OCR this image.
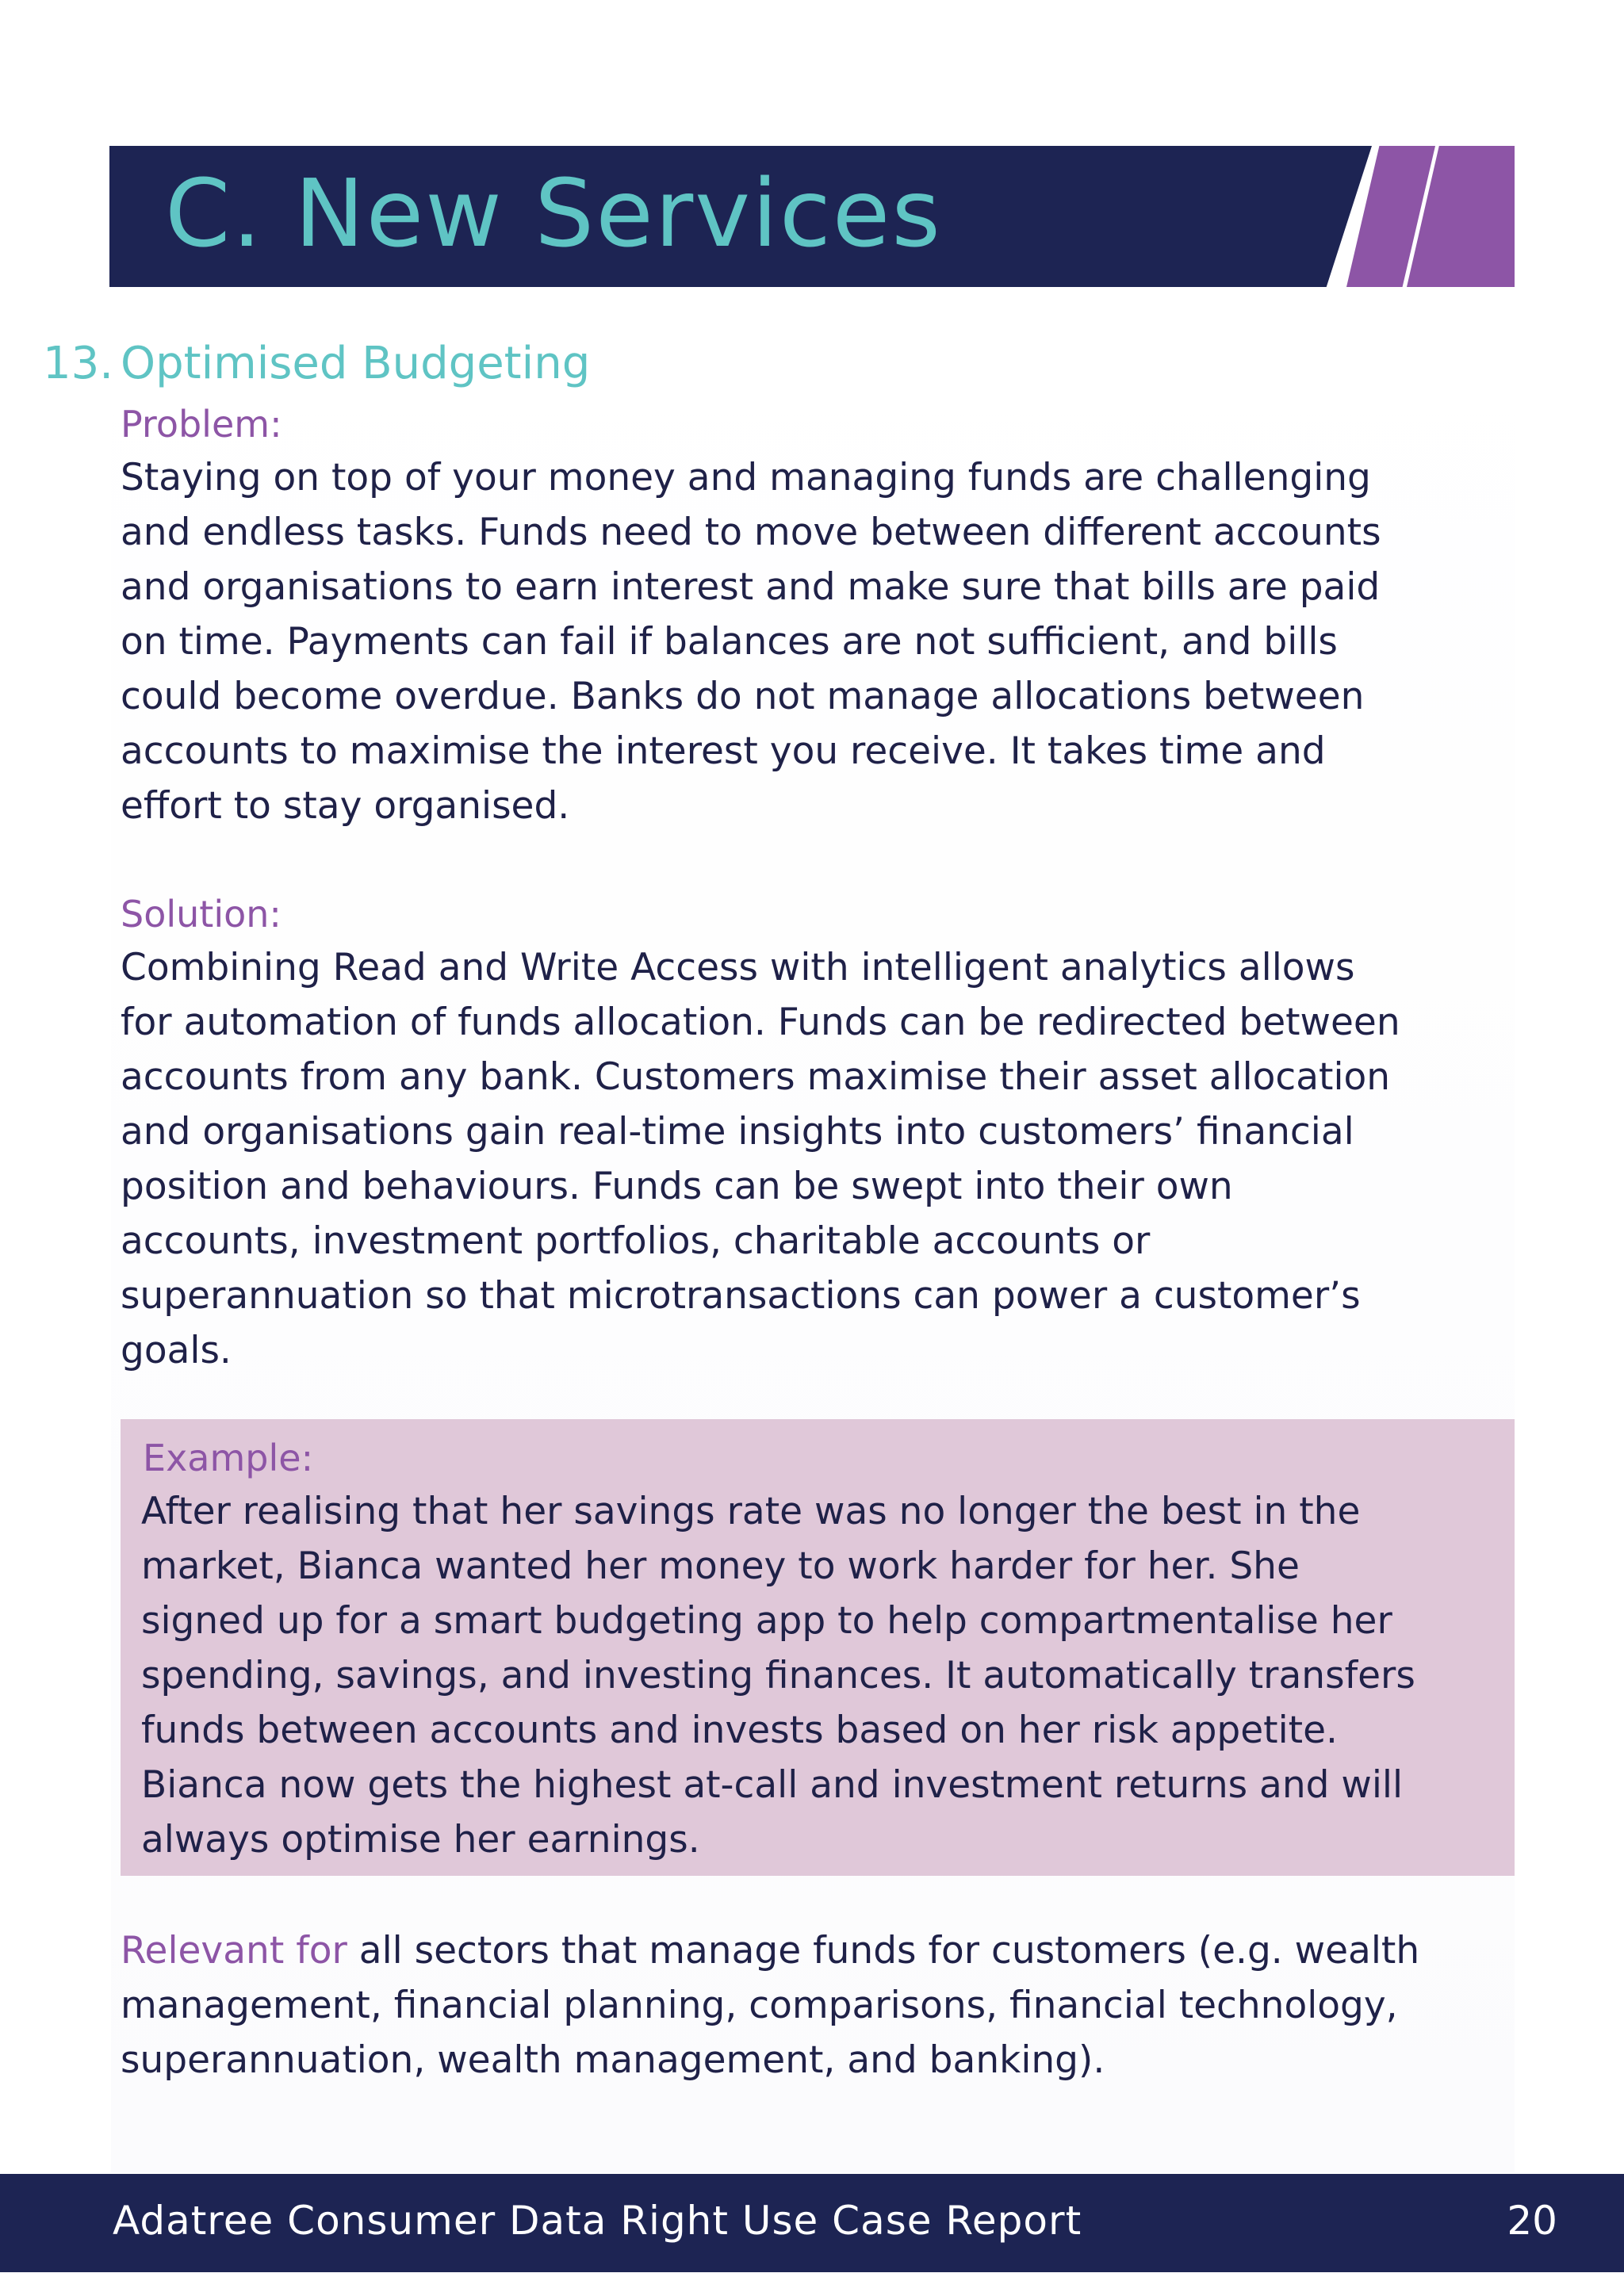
C. New Services
13. Optimised Budgeting
Problem:
Staying on top of your money and managing funds are challenging
and endless tasks. Funds need to move between different accounts
and organisations to earn interest and make sure that bills are paid
on time. Payments can fail if balances are not sufficient, and bills
could become overdue. Banks do not manage allocations between
accounts to maximise the interest you receive. It takes time and
effort to stay organised.
Solution:
Combining Read and Write Access with intelligent analytics allows
for automation of funds allocation. Funds can be redirected between
accounts from any bank. Customers maximise their asset allocation
and organisations gain real-time insights into customers’ financial
position and behaviours. Funds can be swept into their own
accounts, investment portfolios, charitable accounts or
superannuation so that microtransactions can power a customer’s
goals.
Example:
After realising that her savings rate was no longer the best in the
market, Bianca wanted her money to work harder for her. She
signed up for a smart budgeting app to help compartmentalise her
spending, savings, and investing finances. It automatically transfers
funds between accounts and invests based on her risk appetite.
Bianca now gets the highest at-call and investment returns and will
always optimise her earnings.
Relevant for all sectors that manage funds for customers (e.g. wealth
management, financial planning, comparisons, financial technology,
superannuation, wealth management, and banking).
Adatree Consumer Data Right Use Case Report	20
